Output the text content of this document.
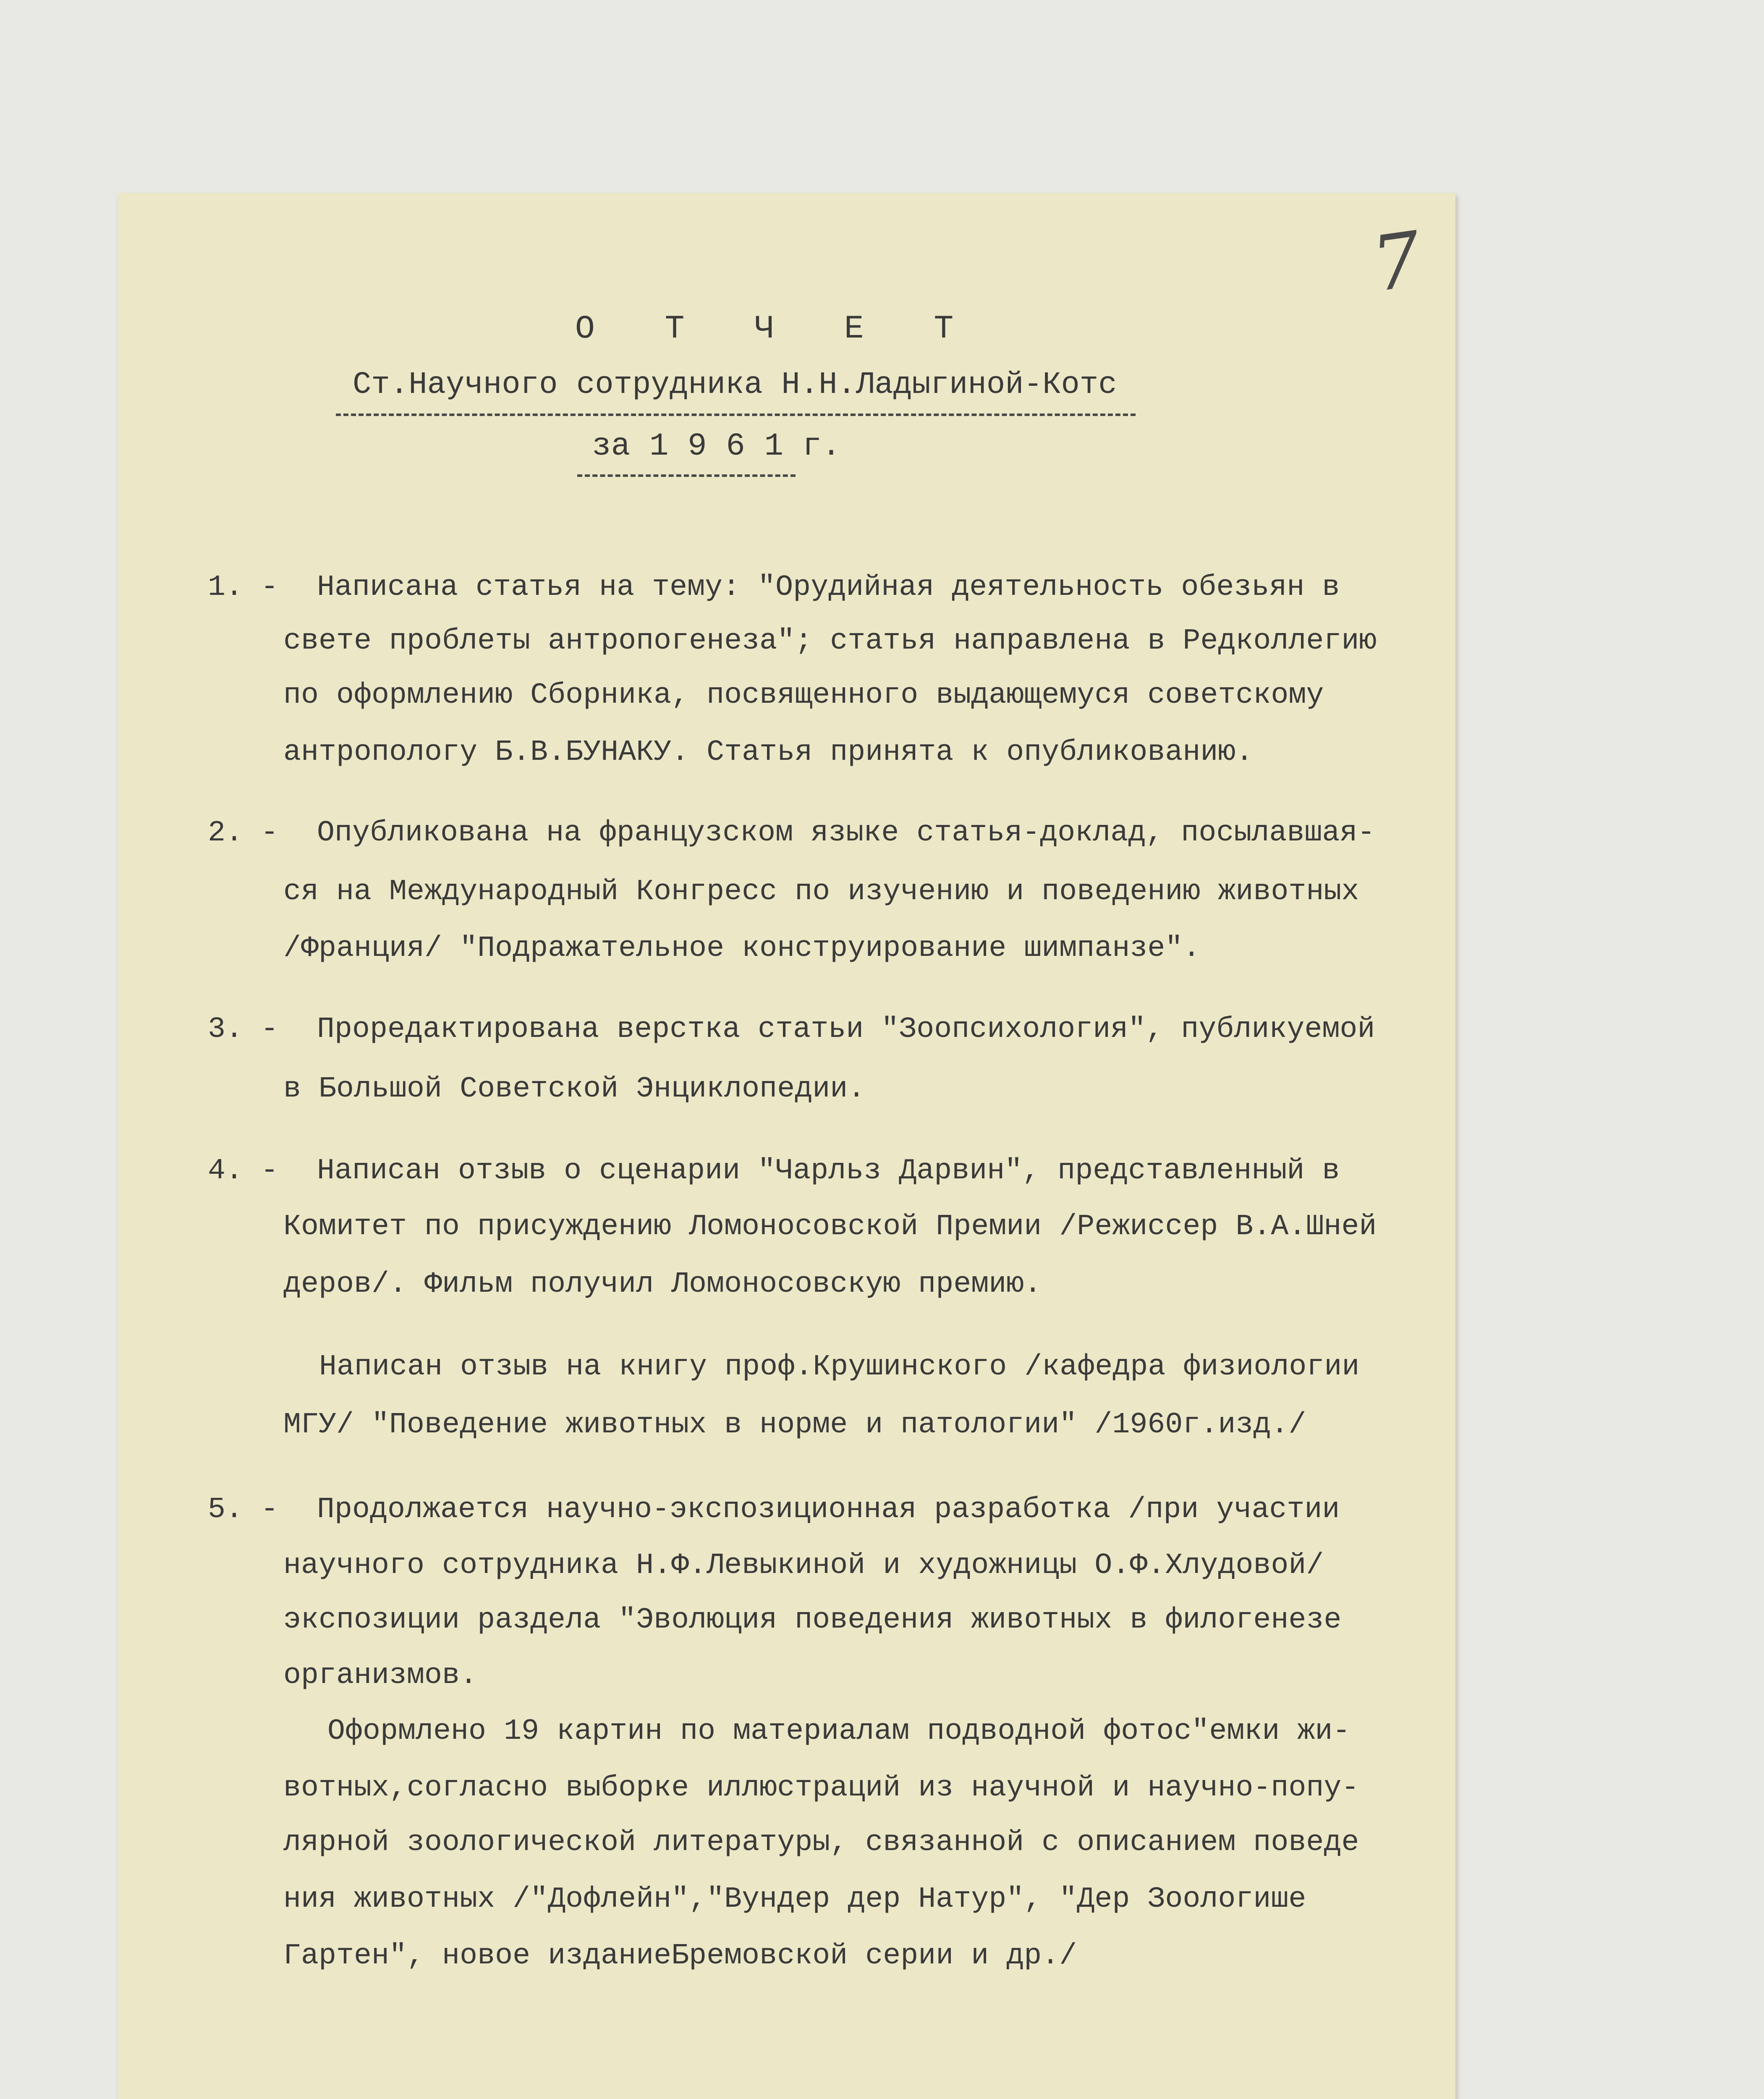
7
О Т Ч Е Т
Ст.Научного сотрудника Н.Н.Ладыгиной-Котс
за 1 9 6 1 г.
1. - Написана статья на тему: "Орудийная деятельность обезьян в
свете проблеты антропогенеза"; статья направлена в Редколлегию
по оформлению Сборника, посвященного выдающемуся советскому
антропологу Б.В.БУНАКУ. Статья принята к опубликованию.
2. - Опубликована на французском языке статья-доклад, посылавшая-
ся на Международный Конгресс по изучению и поведению животных
/Франция/ "Подражательное конструирование шимпанзе".
3. - Проредактирована верстка статьи "Зоопсихология", публикуемой
в Большой Советской Энциклопедии.
4. - Написан отзыв о сценарии "Чарльз Дарвин", представленный в
Комитет по присуждению Ломоносовской Премии /Режиссер В.А.Шней
деров/. Фильм получил Ломоносовскую премию.
Написан отзыв на книгу проф.Крушинского /кафедра физиологии
МГУ/ "Поведение животных в норме и патологии" /1960г.изд./
5. - Продолжается научно-экспозиционная разработка /при участии
научного сотрудника Н.Ф.Левыкиной и художницы О.Ф.Хлудовой/
экспозиции раздела "Эволюция поведения животных в филогенезе
организмов.
Оформлено 19 картин по материалам подводной фотос"емки жи-
вотных,согласно выборке иллюстраций из научной и научно-попу-
лярной зоологической литературы, связанной с описанием поведе
ния животных /"Дофлейн","Вундер дер Натур", "Дер Зоологише
Гартен", новое изданиеБремовской серии и др./
